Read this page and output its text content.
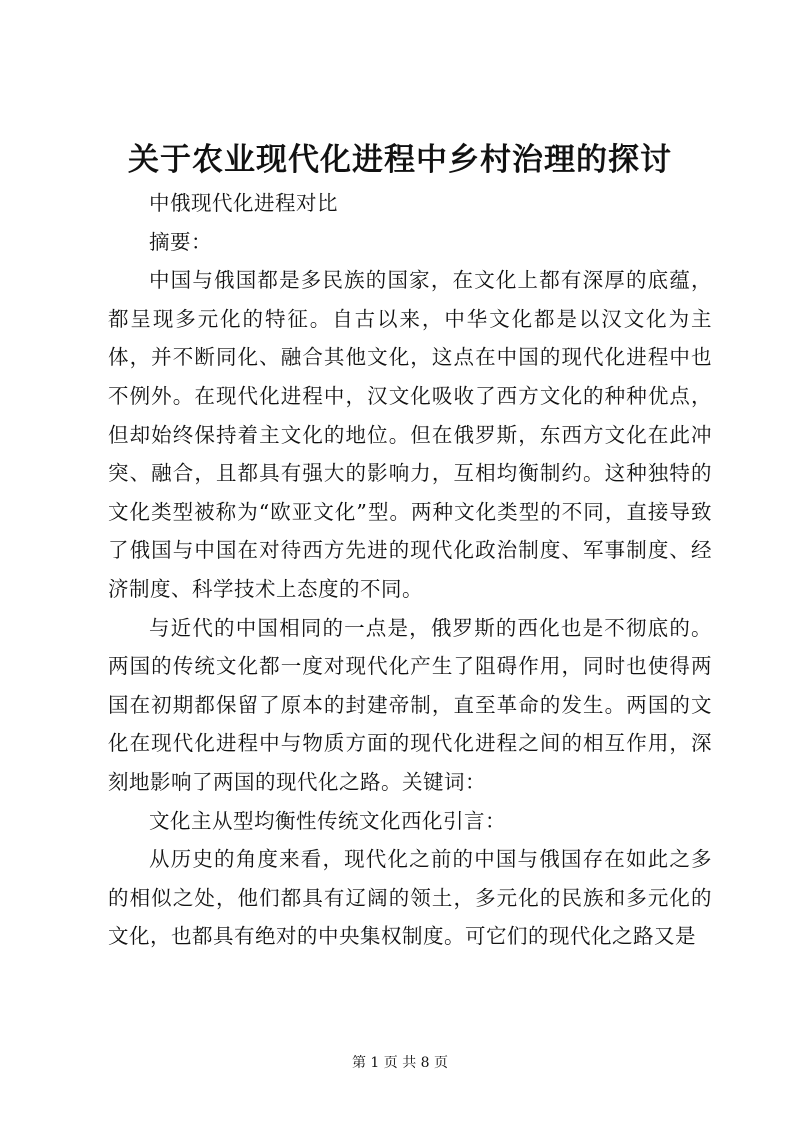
关于农业现代化进程中乡村治理的探讨

中俄现代化进程对比

摘要：

中国与俄国都是多民族的国家，在文化上都有深厚的底蕴，都呈现多元化的特征。自古以来，中华文化都是以汉文化为主体，并不断同化、融合其他文化，这点在中国的现代化进程中也不例外。在现代化进程中，汉文化吸收了西方文化的种种优点，但却始终保持着主文化的地位。但在俄罗斯，东西方文化在此冲突、融合，且都具有强大的影响力，互相均衡制约。这种独特的文化类型被称为“欧亚文化”型。两种文化类型的不同，直接导致了俄国与中国在对待西方先进的现代化政治制度、军事制度、经济制度、科学技术上态度的不同。

与近代的中国相同的一点是，俄罗斯的西化也是不彻底的。两国的传统文化都一度对现代化产生了阻碍作用，同时也使得两国在初期都保留了原本的封建帝制，直至革命的发生。两国的文化在现代化进程中与物质方面的现代化进程之间的相互作用，深刻地影响了两国的现代化之路。关键词：

文化主从型均衡性传统文化西化引言：

从历史的角度来看，现代化之前的中国与俄国存在如此之多的相似之处，他们都具有辽阔的领土，多元化的民族和多元化的文化，也都具有绝对的中央集权制度。可它们的现代化之路又是

第 1 页 共 8 页
